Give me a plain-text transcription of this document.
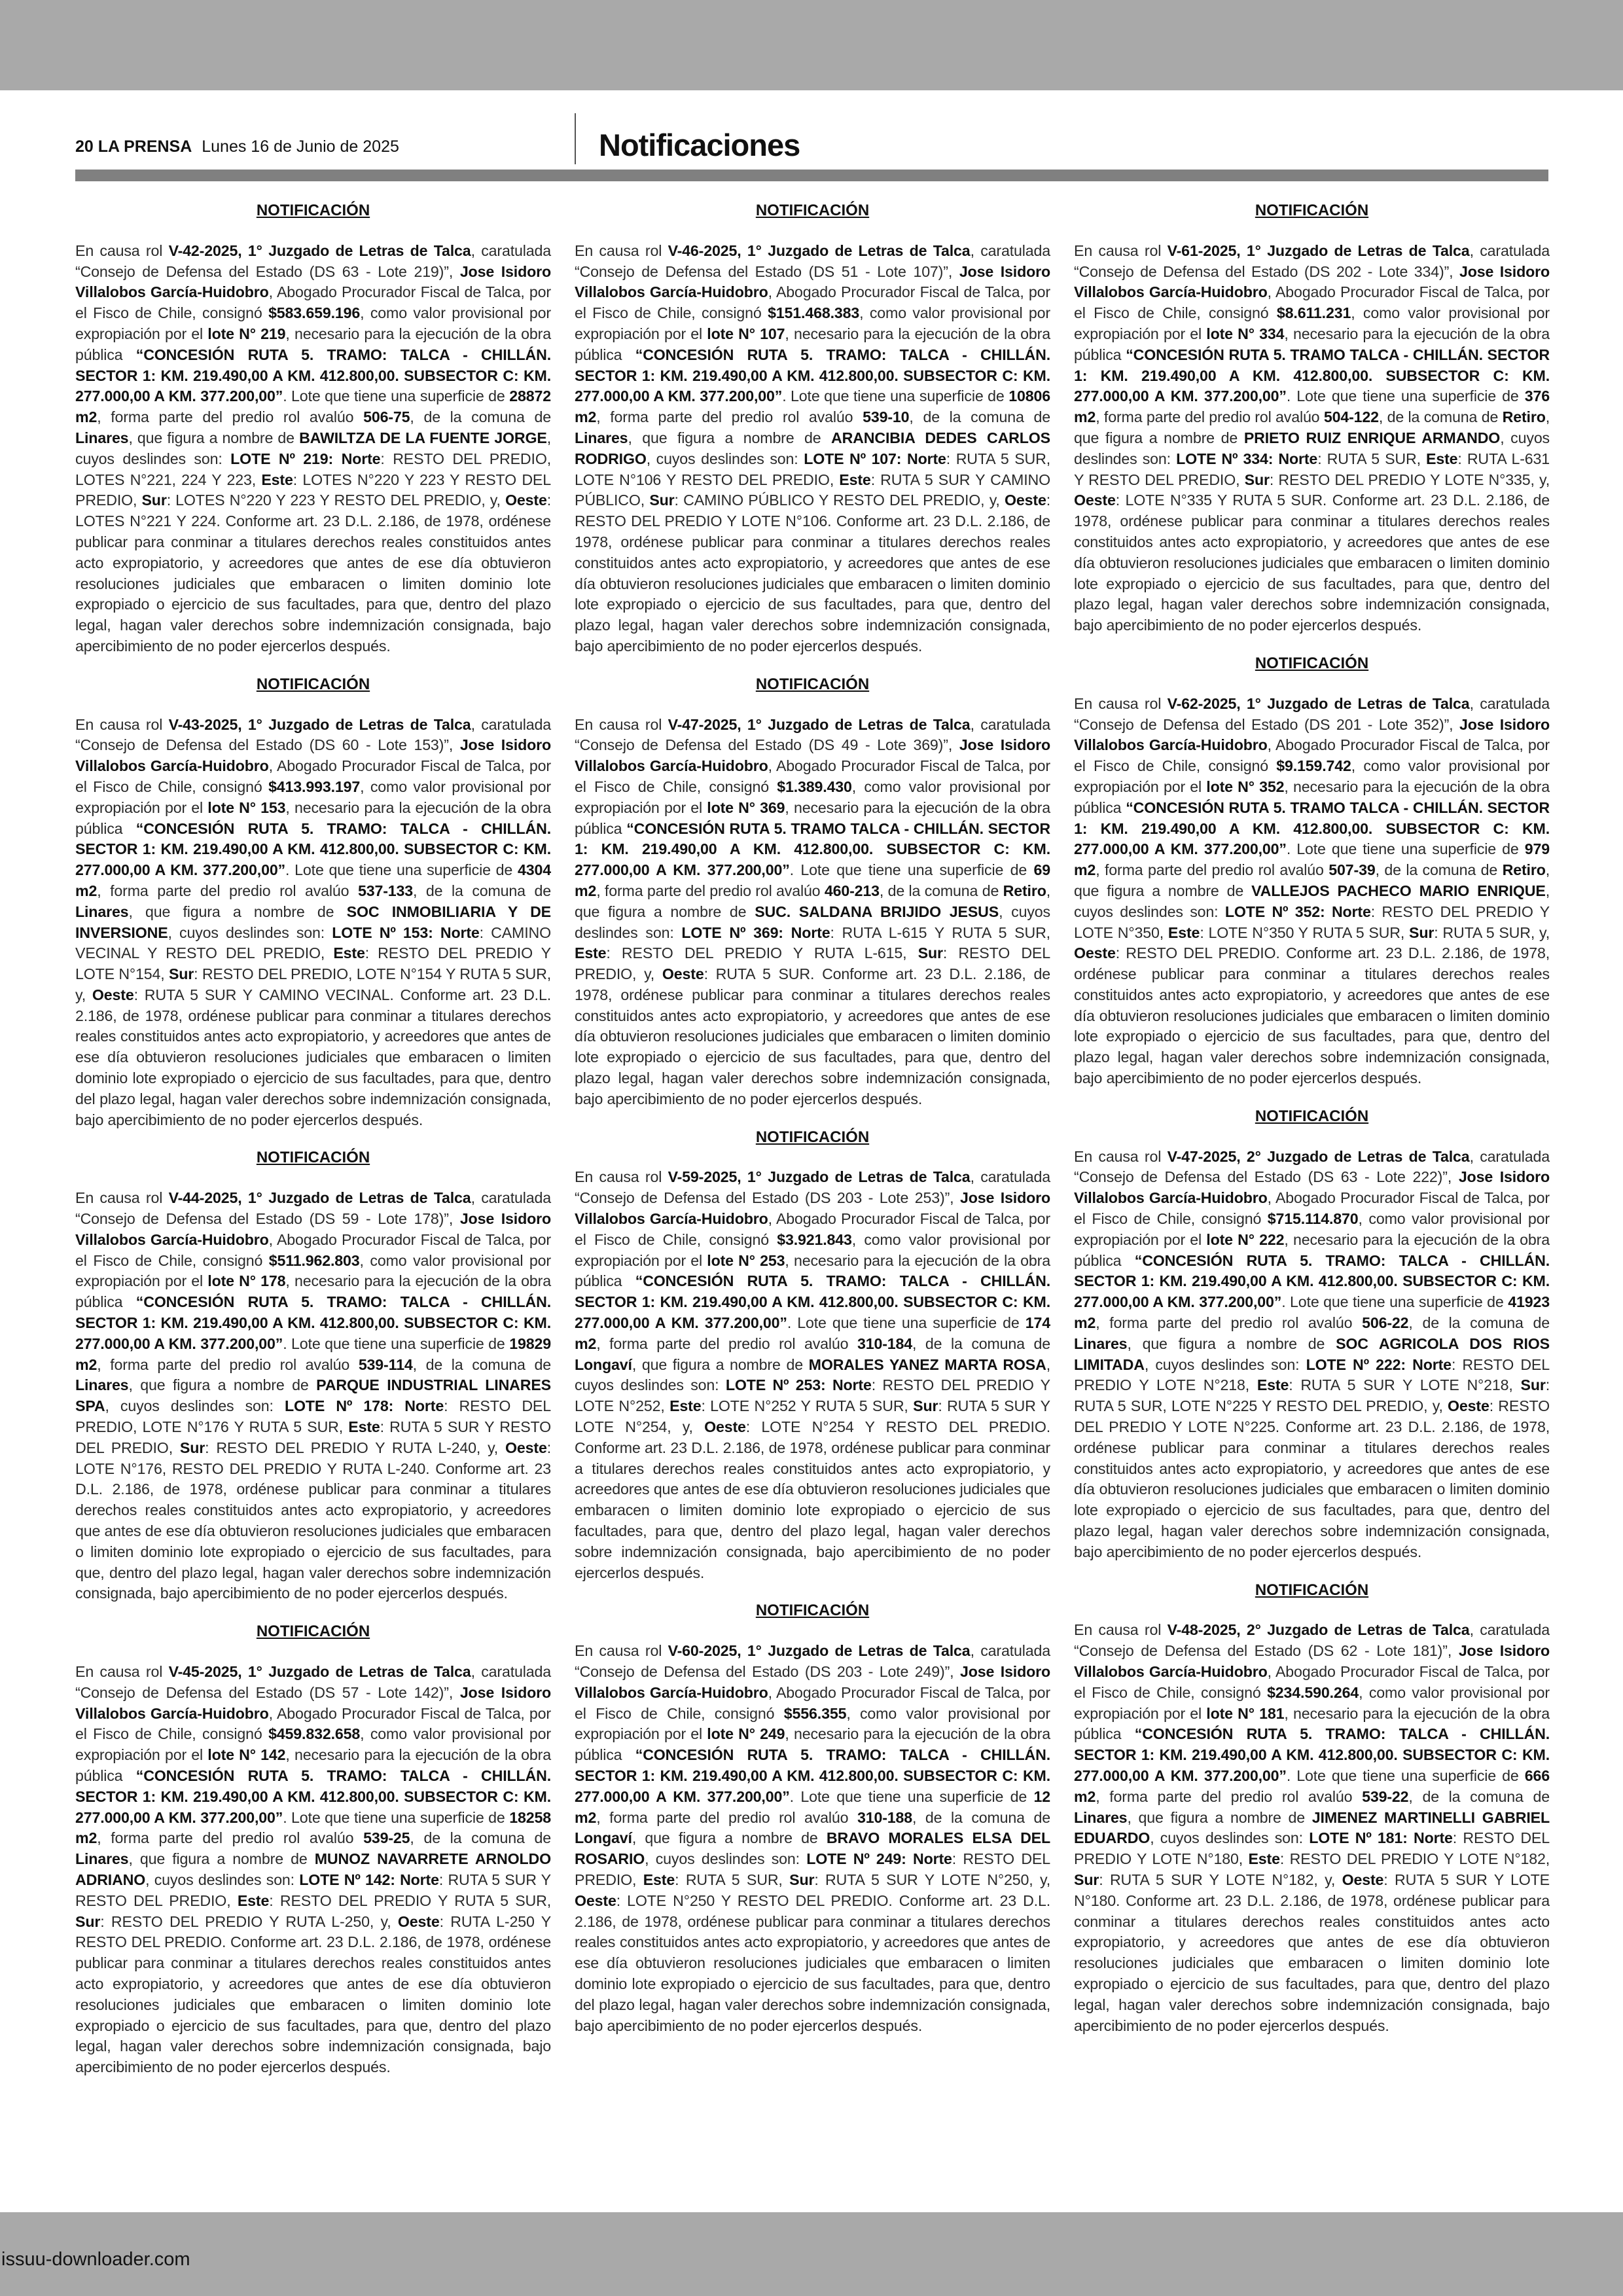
20 LA PRENSA Lunes 16 de Junio de 2025	Notificaciones
NOTIFICACIÓN

En causa rol V-42-2025, 1° Juzgado de Letras de Talca, caratulada “Consejo de Defensa del Estado (DS 63 - Lote 219)”, Jose Isidoro Villalobos García-Huidobro, Abogado Procurador Fiscal de Talca, por el Fisco de Chile, consignó $583.659.196, como valor provisional por expropiación por el lote N° 219, necesario para la ejecución de la obra pública “CONCESIÓN RUTA 5. TRAMO: TALCA - CHILLÁN. SECTOR 1: KM. 219.490,00 A KM. 412.800,00. SUBSECTOR C: KM. 277.000,00 A KM. 377.200,00”. Lote que tiene una superficie de 28872 m2, forma parte del predio rol avalúo 506-75, de la comuna de Linares, que figura a nombre de BAWILTZA DE LA FUENTE JORGE, cuyos deslindes son: LOTE Nº 219: Norte: RESTO DEL PREDIO, LOTES N°221, 224 Y 223, Este: LOTES N°220 Y 223 Y RESTO DEL PREDIO, Sur: LOTES N°220 Y 223 Y RESTO DEL PREDIO, y, Oeste: LOTES N°221 Y 224. Conforme art. 23 D.L. 2.186, de 1978, ordénese publicar para conminar a titulares derechos reales constituidos antes acto expropiatorio, y acreedores que antes de ese día obtuvieron resoluciones judiciales que embaracen o limiten dominio lote expropiado o ejercicio de sus facultades, para que, dentro del plazo legal, hagan valer derechos sobre indemnización consignada, bajo apercibimiento de no poder ejercerlos después.

NOTIFICACIÓN

En causa rol V-43-2025, 1° Juzgado de Letras de Talca, caratulada “Consejo de Defensa del Estado (DS 60 - Lote 153)”, Jose Isidoro Villalobos García-Huidobro, Abogado Procurador Fiscal de Talca, por el Fisco de Chile, consignó $413.993.197, como valor provisional por expropiación por el lote N° 153, necesario para la ejecución de la obra pública “CONCESIÓN RUTA 5. TRAMO: TALCA - CHILLÁN. SECTOR 1: KM. 219.490,00 A KM. 412.800,00. SUBSECTOR C: KM. 277.000,00 A KM. 377.200,00”. Lote que tiene una superficie de 4304 m2, forma parte del predio rol avalúo 537-133, de la comuna de Linares, que figura a nombre de SOC INMOBILIARIA Y DE INVERSIONE, cuyos deslindes son: LOTE Nº 153: Norte: CAMINO VECINAL Y RESTO DEL PREDIO, Este: RESTO DEL PREDIO Y LOTE N°154, Sur: RESTO DEL PREDIO, LOTE N°154 Y RUTA 5 SUR, y, Oeste: RUTA 5 SUR Y CAMINO VECINAL. Conforme art. 23 D.L. 2.186, de 1978, ordénese publicar para conminar a titulares derechos reales constituidos antes acto expropiatorio, y acreedores que antes de ese día obtuvieron resoluciones judiciales que embaracen o limiten dominio lote expropiado o ejercicio de sus facultades, para que, dentro del plazo legal, hagan valer derechos sobre indemnización consignada, bajo apercibimiento de no poder ejercerlos después.

NOTIFICACIÓN

En causa rol V-44-2025, 1° Juzgado de Letras de Talca, caratulada “Consejo de Defensa del Estado (DS 59 - Lote 178)”, Jose Isidoro Villalobos García-Huidobro, Abogado Procurador Fiscal de Talca, por el Fisco de Chile, consignó $511.962.803, como valor provisional por expropiación por el lote N° 178, necesario para la ejecución de la obra pública “CONCESIÓN RUTA 5. TRAMO: TALCA - CHILLÁN. SECTOR 1: KM. 219.490,00 A KM. 412.800,00. SUBSECTOR C: KM. 277.000,00 A KM. 377.200,00”. Lote que tiene una superficie de 19829 m2, forma parte del predio rol avalúo 539-114, de la comuna de Linares, que figura a nombre de PARQUE INDUSTRIAL LINARES SPA, cuyos deslindes son: LOTE Nº 178: Norte: RESTO DEL PREDIO, LOTE N°176 Y RUTA 5 SUR, Este: RUTA 5 SUR Y RESTO DEL PREDIO, Sur: RESTO DEL PREDIO Y RUTA L-240, y, Oeste: LOTE N°176, RESTO DEL PREDIO Y RUTA L-240. Conforme art. 23 D.L. 2.186, de 1978, ordénese publicar para conminar a titulares derechos reales constituidos antes acto expropiatorio, y acreedores que antes de ese día obtuvieron resoluciones judiciales que embaracen o limiten dominio lote expropiado o ejercicio de sus facultades, para que, dentro del plazo legal, hagan valer derechos sobre indemnización consignada, bajo apercibimiento de no poder ejercerlos después.

NOTIFICACIÓN

En causa rol V-45-2025, 1° Juzgado de Letras de Talca, caratulada “Consejo de Defensa del Estado (DS 57 - Lote 142)”, Jose Isidoro Villalobos García-Huidobro, Abogado Procurador Fiscal de Talca, por el Fisco de Chile, consignó $459.832.658, como valor provisional por expropiación por el lote N° 142, necesario para la ejecución de la obra pública “CONCESIÓN RUTA 5. TRAMO: TALCA - CHILLÁN. SECTOR 1: KM. 219.490,00 A KM. 412.800,00. SUBSECTOR C: KM. 277.000,00 A KM. 377.200,00”. Lote que tiene una superficie de 18258 m2, forma parte del predio rol avalúo 539-25, de la comuna de Linares, que figura a nombre de MUNOZ NAVARRETE ARNOLDO ADRIANO, cuyos deslindes son: LOTE Nº 142: Norte: RUTA 5 SUR Y RESTO DEL PREDIO, Este: RESTO DEL PREDIO Y RUTA 5 SUR, Sur: RESTO DEL PREDIO Y RUTA L-250, y, Oeste: RUTA L-250 Y RESTO DEL PREDIO. Conforme art. 23 D.L. 2.186, de 1978, ordénese publicar para conminar a titulares derechos reales constituidos antes acto expropiatorio, y acreedores que antes de ese día obtuvieron resoluciones judiciales que embaracen o limiten dominio lote expropiado o ejercicio de sus facultades, para que, dentro del plazo legal, hagan valer derechos sobre indemnización consignada, bajo apercibimiento de no poder ejercerlos después.

NOTIFICACIÓN

En causa rol V-46-2025, 1° Juzgado de Letras de Talca, caratulada “Consejo de Defensa del Estado (DS 51 - Lote 107)”, Jose Isidoro Villalobos García-Huidobro, Abogado Procurador Fiscal de Talca, por el Fisco de Chile, consignó $151.468.383, como valor provisional por expropiación por el lote N° 107, necesario para la ejecución de la obra pública “CONCESIÓN RUTA 5. TRAMO: TALCA - CHILLÁN. SECTOR 1: KM. 219.490,00 A KM. 412.800,00. SUBSECTOR C: KM. 277.000,00 A KM. 377.200,00”. Lote que tiene una superficie de 10806 m2, forma parte del predio rol avalúo 539-10, de la comuna de Linares, que figura a nombre de ARANCIBIA DEDES CARLOS RODRIGO, cuyos deslindes son: LOTE Nº 107: Norte: RUTA 5 SUR, LOTE N°106 Y RESTO DEL PREDIO, Este: RUTA 5 SUR Y CAMINO PÚBLICO, Sur: CAMINO PÚBLICO Y RESTO DEL PREDIO, y, Oeste: RESTO DEL PREDIO Y LOTE N°106. Conforme art. 23 D.L. 2.186, de 1978, ordénese publicar para conminar a titulares derechos reales constituidos antes acto expropiatorio, y acreedores que antes de ese día obtuvieron resoluciones judiciales que embaracen o limiten dominio lote expropiado o ejercicio de sus facultades, para que, dentro del plazo legal, hagan valer derechos sobre indemnización consignada, bajo apercibimiento de no poder ejercerlos después.

NOTIFICACIÓN

En causa rol V-47-2025, 1° Juzgado de Letras de Talca, caratulada “Consejo de Defensa del Estado (DS 49 - Lote 369)”, Jose Isidoro Villalobos García-Huidobro, Abogado Procurador Fiscal de Talca, por el Fisco de Chile, consignó $1.389.430, como valor provisional por expropiación por el lote N° 369, necesario para la ejecución de la obra pública “CONCESIÓN RUTA 5. TRAMO TALCA - CHILLÁN. SECTOR 1: KM. 219.490,00 A KM. 412.800,00. SUBSECTOR C: KM. 277.000,00 A KM. 377.200,00”. Lote que tiene una superficie de 69 m2, forma parte del predio rol avalúo 460-213, de la comuna de Retiro, que figura a nombre de SUC. SALDANA BRIJIDO JESUS, cuyos deslindes son: LOTE Nº 369: Norte: RUTA L-615 Y RUTA 5 SUR, Este: RESTO DEL PREDIO Y RUTA L-615, Sur: RESTO DEL PREDIO, y, Oeste: RUTA 5 SUR. Conforme art. 23 D.L. 2.186, de 1978, ordénese publicar para conminar a titulares derechos reales constituidos antes acto expropiatorio, y acreedores que antes de ese día obtuvieron resoluciones judiciales que embaracen o limiten dominio lote expropiado o ejercicio de sus facultades, para que, dentro del plazo legal, hagan valer derechos sobre indemnización consignada, bajo apercibimiento de no poder ejercerlos después.

NOTIFICACIÓN

En causa rol V-59-2025, 1° Juzgado de Letras de Talca, caratulada “Consejo de Defensa del Estado (DS 203 - Lote 253)”, Jose Isidoro Villalobos García-Huidobro, Abogado Procurador Fiscal de Talca, por el Fisco de Chile, consignó $3.921.843, como valor provisional por expropiación por el lote N° 253, necesario para la ejecución de la obra pública “CONCESIÓN RUTA 5. TRAMO: TALCA - CHILLÁN. SECTOR 1: KM. 219.490,00 A KM. 412.800,00. SUBSECTOR C: KM. 277.000,00 A KM. 377.200,00”. Lote que tiene una superficie de 174 m2, forma parte del predio rol avalúo 310-184, de la comuna de Longaví, que figura a nombre de MORALES YANEZ MARTA ROSA, cuyos deslindes son: LOTE Nº 253: Norte: RESTO DEL PREDIO Y LOTE N°252, Este: LOTE N°252 Y RUTA 5 SUR, Sur: RUTA 5 SUR Y LOTE N°254, y, Oeste: LOTE N°254 Y RESTO DEL PREDIO. Conforme art. 23 D.L. 2.186, de 1978, ordénese publicar para conminar a titulares derechos reales constituidos antes acto expropiatorio, y acreedores que antes de ese día obtuvieron resoluciones judiciales que embaracen o limiten dominio lote expropiado o ejercicio de sus facultades, para que, dentro del plazo legal, hagan valer derechos sobre indemnización consignada, bajo apercibimiento de no poder ejercerlos después.

NOTIFICACIÓN

En causa rol V-60-2025, 1° Juzgado de Letras de Talca, caratulada “Consejo de Defensa del Estado (DS 203 - Lote 249)”, Jose Isidoro Villalobos García-Huidobro, Abogado Procurador Fiscal de Talca, por el Fisco de Chile, consignó $556.355, como valor provisional por expropiación por el lote N° 249, necesario para la ejecución de la obra pública “CONCESIÓN RUTA 5. TRAMO: TALCA - CHILLÁN. SECTOR 1: KM. 219.490,00 A KM. 412.800,00. SUBSECTOR C: KM. 277.000,00 A KM. 377.200,00”. Lote que tiene una superficie de 12 m2, forma parte del predio rol avalúo 310-188, de la comuna de Longaví, que figura a nombre de BRAVO MORALES ELSA DEL ROSARIO, cuyos deslindes son: LOTE Nº 249: Norte: RESTO DEL PREDIO, Este: RUTA 5 SUR, Sur: RUTA 5 SUR Y LOTE N°250, y, Oeste: LOTE N°250 Y RESTO DEL PREDIO. Conforme art. 23 D.L. 2.186, de 1978, ordénese publicar para conminar a titulares derechos reales constituidos antes acto expropiatorio, y acreedores que antes de ese día obtuvieron resoluciones judiciales que embaracen o limiten dominio lote expropiado o ejercicio de sus facultades, para que, dentro del plazo legal, hagan valer derechos sobre indemnización consignada, bajo apercibimiento de no poder ejercerlos después.

NOTIFICACIÓN

En causa rol V-61-2025, 1° Juzgado de Letras de Talca, caratulada “Consejo de Defensa del Estado (DS 202 - Lote 334)”, Jose Isidoro Villalobos García-Huidobro, Abogado Procurador Fiscal de Talca, por el Fisco de Chile, consignó $8.611.231, como valor provisional por expropiación por el lote N° 334, necesario para la ejecución de la obra pública “CONCESIÓN RUTA 5. TRAMO TALCA - CHILLÁN. SECTOR 1: KM. 219.490,00 A KM. 412.800,00. SUBSECTOR C: KM. 277.000,00 A KM. 377.200,00”. Lote que tiene una superficie de 376 m2, forma parte del predio rol avalúo 504-122, de la comuna de Retiro, que figura a nombre de PRIETO RUIZ ENRIQUE ARMANDO, cuyos deslindes son: LOTE Nº 334: Norte: RUTA 5 SUR, Este: RUTA L-631 Y RESTO DEL PREDIO, Sur: RESTO DEL PREDIO Y LOTE N°335, y, Oeste: LOTE N°335 Y RUTA 5 SUR. Conforme art. 23 D.L. 2.186, de 1978, ordénese publicar para conminar a titulares derechos reales constituidos antes acto expropiatorio, y acreedores que antes de ese día obtuvieron resoluciones judiciales que embaracen o limiten dominio lote expropiado o ejercicio de sus facultades, para que, dentro del plazo legal, hagan valer derechos sobre indemnización consignada, bajo apercibimiento de no poder ejercerlos después.

NOTIFICACIÓN

En causa rol V-62-2025, 1° Juzgado de Letras de Talca, caratulada “Consejo de Defensa del Estado (DS 201 - Lote 352)”, Jose Isidoro Villalobos García-Huidobro, Abogado Procurador Fiscal de Talca, por el Fisco de Chile, consignó $9.159.742, como valor provisional por expropiación por el lote N° 352, necesario para la ejecución de la obra pública “CONCESIÓN RUTA 5. TRAMO TALCA - CHILLÁN. SECTOR 1: KM. 219.490,00 A KM. 412.800,00. SUBSECTOR C: KM. 277.000,00 A KM. 377.200,00”. Lote que tiene una superficie de 979 m2, forma parte del predio rol avalúo 507-39, de la comuna de Retiro, que figura a nombre de VALLEJOS PACHECO MARIO ENRIQUE, cuyos deslindes son: LOTE Nº 352: Norte: RESTO DEL PREDIO Y LOTE N°350, Este: LOTE N°350 Y RUTA 5 SUR, Sur: RUTA 5 SUR, y, Oeste: RESTO DEL PREDIO. Conforme art. 23 D.L. 2.186, de 1978, ordénese publicar para conminar a titulares derechos reales constituidos antes acto expropiatorio, y acreedores que antes de ese día obtuvieron resoluciones judiciales que embaracen o limiten dominio lote expropiado o ejercicio de sus facultades, para que, dentro del plazo legal, hagan valer derechos sobre indemnización consignada, bajo apercibimiento de no poder ejercerlos después.

NOTIFICACIÓN

En causa rol V-47-2025, 2° Juzgado de Letras de Talca, caratulada “Consejo de Defensa del Estado (DS 63 - Lote 222)”, Jose Isidoro Villalobos García-Huidobro, Abogado Procurador Fiscal de Talca, por el Fisco de Chile, consignó $715.114.870, como valor provisional por expropiación por el lote N° 222, necesario para la ejecución de la obra pública “CONCESIÓN RUTA 5. TRAMO: TALCA - CHILLÁN. SECTOR 1: KM. 219.490,00 A KM. 412.800,00. SUBSECTOR C: KM. 277.000,00 A KM. 377.200,00”. Lote que tiene una superficie de 41923 m2, forma parte del predio rol avalúo 506-22, de la comuna de Linares, que figura a nombre de SOC AGRICOLA DOS RIOS LIMITADA, cuyos deslindes son: LOTE Nº 222: Norte: RESTO DEL PREDIO Y LOTE N°218, Este: RUTA 5 SUR Y LOTE N°218, Sur: RUTA 5 SUR, LOTE N°225 Y RESTO DEL PREDIO, y, Oeste: RESTO DEL PREDIO Y LOTE N°225. Conforme art. 23 D.L. 2.186, de 1978, ordénese publicar para conminar a titulares derechos reales constituidos antes acto expropiatorio, y acreedores que antes de ese día obtuvieron resoluciones judiciales que embaracen o limiten dominio lote expropiado o ejercicio de sus facultades, para que, dentro del plazo legal, hagan valer derechos sobre indemnización consignada, bajo apercibimiento de no poder ejercerlos después.

NOTIFICACIÓN

En causa rol V-48-2025, 2° Juzgado de Letras de Talca, caratulada “Consejo de Defensa del Estado (DS 62 - Lote 181)”, Jose Isidoro Villalobos García-Huidobro, Abogado Procurador Fiscal de Talca, por el Fisco de Chile, consignó $234.590.264, como valor provisional por expropiación por el lote N° 181, necesario para la ejecución de la obra pública “CONCESIÓN RUTA 5. TRAMO: TALCA - CHILLÁN. SECTOR 1: KM. 219.490,00 A KM. 412.800,00. SUBSECTOR C: KM. 277.000,00 A KM. 377.200,00”. Lote que tiene una superficie de 666 m2, forma parte del predio rol avalúo 539-22, de la comuna de Linares, que figura a nombre de JIMENEZ MARTINELLI GABRIEL EDUARDO, cuyos deslindes son: LOTE Nº 181: Norte: RESTO DEL PREDIO Y LOTE N°180, Este: RESTO DEL PREDIO Y LOTE N°182, Sur: RUTA 5 SUR Y LOTE N°182, y, Oeste: RUTA 5 SUR Y LOTE N°180. Conforme art. 23 D.L. 2.186, de 1978, ordénese publicar para conminar a titulares derechos reales constituidos antes acto expropiatorio, y acreedores que antes de ese día obtuvieron resoluciones judiciales que embaracen o limiten dominio lote expropiado o ejercicio de sus facultades, para que, dentro del plazo legal, hagan valer derechos sobre indemnización consignada, bajo apercibimiento de no poder ejercerlos después.

issuu-downloader.com
